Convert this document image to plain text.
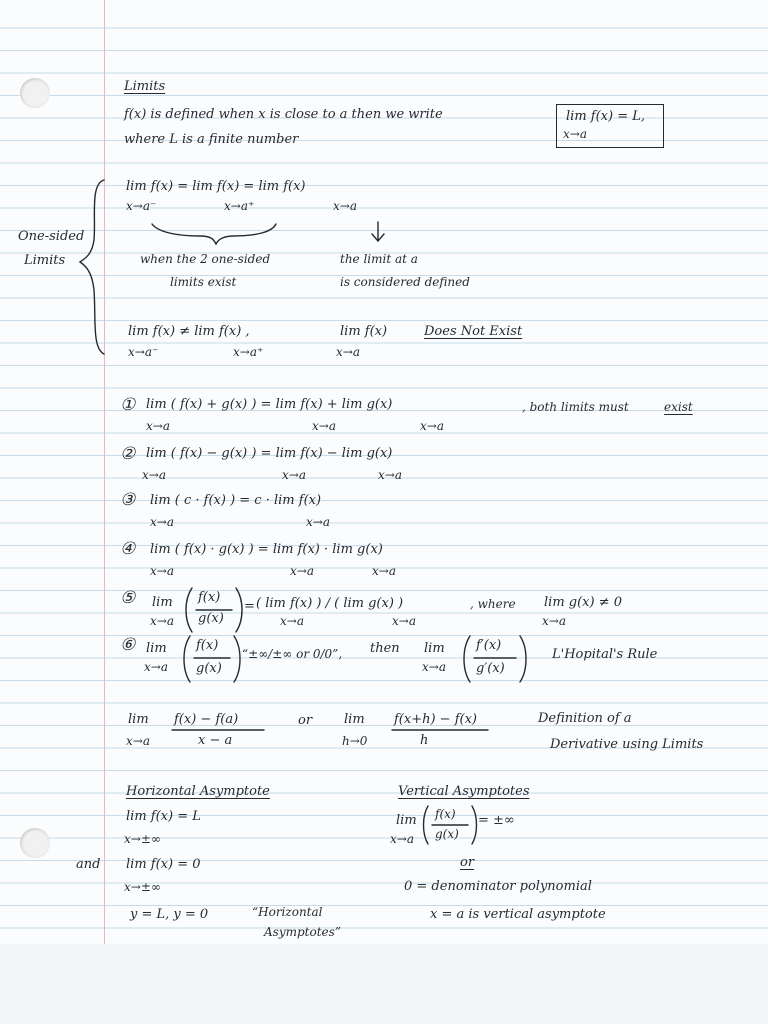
Limits
f(x) is defined when x is close to a then we write
where L is a finite number
lim f(x) = L,
x→a
One-sided
Limits
lim f(x) = lim f(x) = lim f(x)
x→a⁻	x→a⁺	x→a
when the 2 one-sided
limits exist
the limit at a
is considered defined
lim f(x) ≠ lim f(x) ,
x→a⁻	x→a⁺
lim f(x)
x→a
Does Not Exist
① lim ( f(x) + g(x) ) = lim f(x) + lim g(x)
x→a	x→a	x→a
, both limits must	exist
② lim ( f(x) − g(x) ) = lim f(x) − lim g(x)
x→a	x→a	x→a
③ lim ( c · f(x) ) = c · lim f(x)
x→a	x→a
④ lim ( f(x) · g(x) ) = lim f(x) · lim g(x)
x→a	x→a	x→a
⑤ lim
x→a
f(x)
g(x)
= ( lim f(x) ) / ( lim g(x) )
x→a	x→a
, where lim g(x) ≠ 0
x→a
⑥ lim
x→a
f(x)
g(x)
“±∞/±∞ or 0/0”, then lim
x→a
f′(x)
g′(x)
L'Hopital's Rule
lim
x→a
f(x) − f(a)
x − a
or lim
h→0
f(x+h) − f(x)
h
Definition of a
Derivative using Limits
Horizontal Asymptote
lim f(x) = L
x→±∞
and lim f(x) = 0
x→±∞
y = L, y = 0	“Horizontal
Asymptotes”
Vertical Asymptotes
lim
x→a
f(x)
g(x)
= ±∞
or
0 = denominator polynomial
x = a is vertical asymptote
